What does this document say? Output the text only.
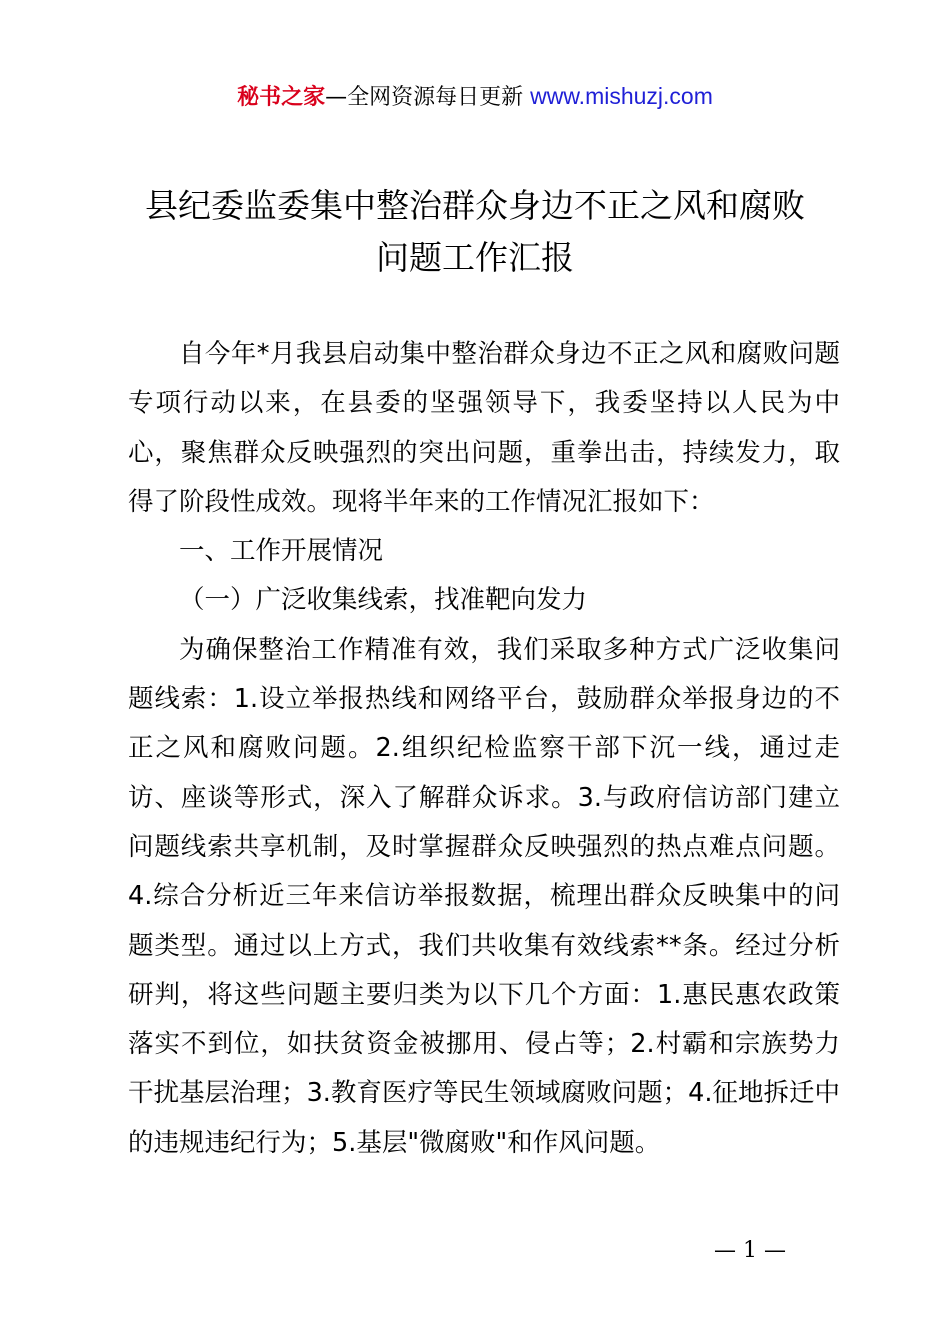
秘书之家—全网资源每日更新 www.mishuzj.com
县纪委监委集中整治群众身边不正之风和腐败
问题工作汇报

自今年*月我县启动集中整治群众身边不正之风和腐败问题专项行动以来，在县委的坚强领导下，我委坚持以人民为中心，聚焦群众反映强烈的突出问题，重拳出击，持续发力，取得了阶段性成效。现将半年来的工作情况汇报如下：

一、工作开展情况

（一）广泛收集线索，找准靶向发力

为确保整治工作精准有效，我们采取多种方式广泛收集问题线索：1.设立举报热线和网络平台，鼓励群众举报身边的不正之风和腐败问题。2.组织纪检监察干部下沉一线，通过走访、座谈等形式，深入了解群众诉求。3.与政府信访部门建立问题线索共享机制，及时掌握群众反映强烈的热点难点问题。4.综合分析近三年来信访举报数据，梳理出群众反映集中的问题类型。通过以上方式，我们共收集有效线索**条。经过分析研判，将这些问题主要归类为以下几个方面：1.惠民惠农政策落实不到位，如扶贫资金被挪用、侵占等；2.村霸和宗族势力干扰基层治理；3.教育医疗等民生领域腐败问题；4.征地拆迁中的违规违纪行为；5.基层"微腐败"和作风问题。

— 1 —
